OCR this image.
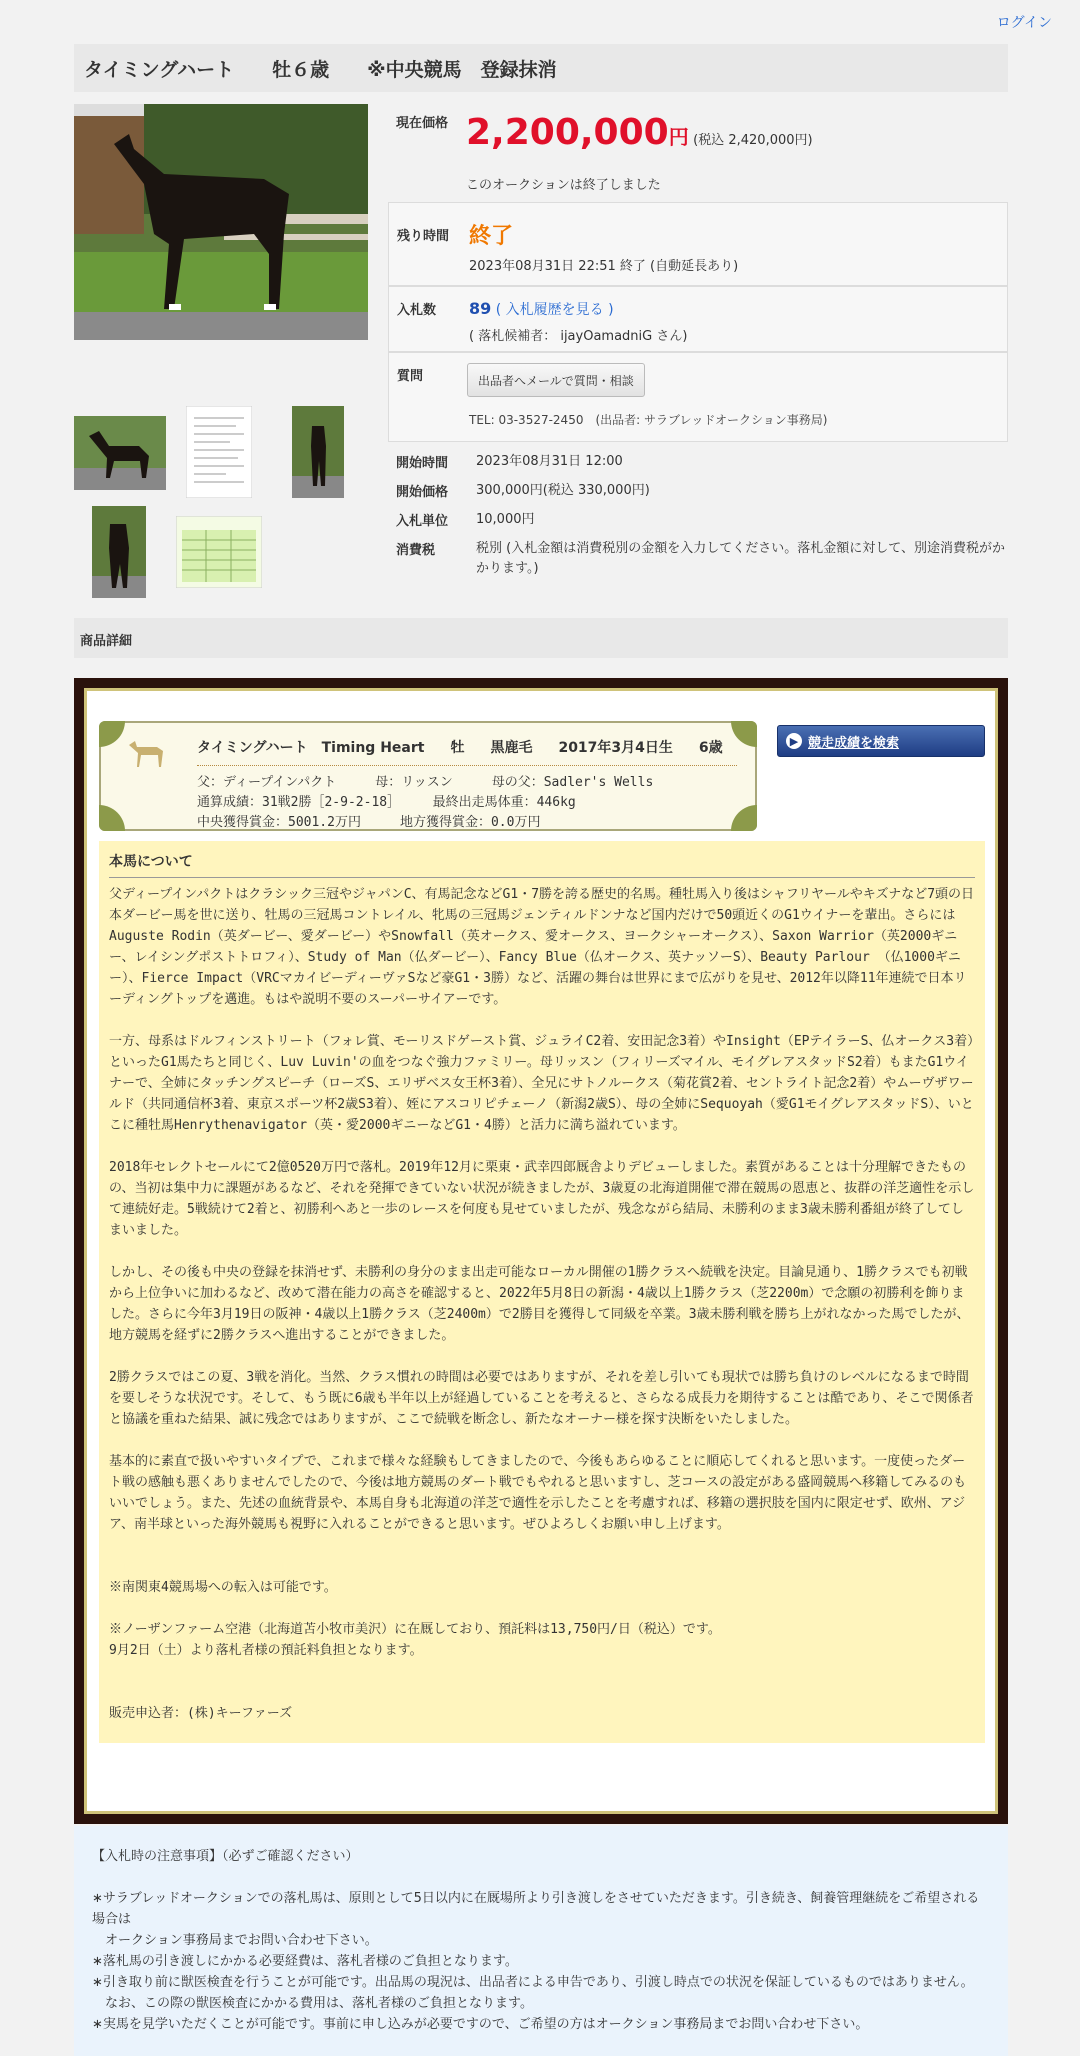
ログイン
タイミングハート 牡６歳 ※中央競馬　 登録抹消
現在価格 2,200,000円 (税込 2,420,000円)
このオークションは終了しました
残り時間 終了
2023年08月31日 22:51 終了 (自動延長あり)
入札数 89 ( 入札履歴を見る )
( 落札候補者： ijayOamadniG さん)
質問	出品者へメールで質問・相談
TEL: 03-3527-2450　(出品者: サラブレッドオークション事務局)
開始時間	2023年08月31日 12:00
開始価格	300,000円(税込 330,000円)
入札単位	10,000円
消費税	税別 (入札金額は消費税別の金額を入力してください。落札金額に対して、別途消費税がかかります。)
商品詳細
タイミングハート　Timing Heart 牡 黒鹿毛 2017年3月4日生 6歳
父：ディープインパクト　　　母：リッスン　　　母の父：Sadler's Wells
通算成績：31戦2勝［2-9-2-18］　　　最終出走馬体重：446kg
中央獲得賞金：5001.2万円　　　地方獲得賞金：0.0万円
▶ 競走成績を検索
本馬について

父ディープインパクトはクラシック三冠やジャパンC、有馬記念などG1・7勝を誇る歴史的名馬。種牡馬入り後はシャフリヤールやキズナなど7頭の日本ダービー馬を世に送り、牡馬の三冠馬コントレイル、牝馬の三冠馬ジェンティルドンナなど国内だけで50頭近くのG1ウイナーを輩出。さらにはAuguste Rodin（英ダービー、愛ダービー）やSnowfall（英オークス、愛オークス、ヨークシャーオークス）、Saxon Warrior（英2000ギニー、レイシングポストトロフィ）、Study of Man（仏ダービー）、Fancy Blue（仏オークス、英ナッソーS）、Beauty Parlour （仏1000ギニー）、Fierce Impact（VRCマカイビーディーヴァSなど豪G1・3勝）など、活躍の舞台は世界にまで広がりを見せ、2012年以降11年連続で日本リーディングトップを邁進。もはや説明不要のスーパーサイアーです。

一方、母系はドルフィンストリート（フォレ賞、モーリスドゲースト賞、ジュライC2着、安田記念3着）やInsight（EPテイラーS、仏オークス3着）といったG1馬たちと同じく、Luv Luvin'の血をつなぐ強力ファミリー。母リッスン（フィリーズマイル、モイグレアスタッドS2着）もまたG1ウイナーで、全姉にタッチングスピーチ（ローズS、エリザベス女王杯3着）、全兄にサトノルークス（菊花賞2着、セントライト記念2着）やムーヴザワールド（共同通信杯3着、東京スポーツ杯2歳S3着）、姪にアスコリピチェーノ（新潟2歳S）、母の全姉にSequoyah（愛G1モイグレアスタッドS）、いとこに種牡馬Henrythenavigator（英・愛2000ギニーなどG1・4勝）と活力に満ち溢れています。

2018年セレクトセールにて2億0520万円で落札。2019年12月に栗東・武幸四郎厩舎よりデビューしました。素質があることは十分理解できたものの、当初は集中力に課題があるなど、それを発揮できていない状況が続きましたが、3歳夏の北海道開催で滞在競馬の恩恵と、抜群の洋芝適性を示して連続好走。5戦続けて2着と、初勝利へあと一歩のレースを何度も見せていましたが、残念ながら結局、未勝利のまま3歳未勝利番組が終了してしまいました。

しかし、その後も中央の登録を抹消せず、未勝利の身分のまま出走可能なローカル開催の1勝クラスへ続戦を決定。目論見通り、1勝クラスでも初戦から上位争いに加わるなど、改めて潜在能力の高さを確認すると、2022年5月8日の新潟・4歳以上1勝クラス（芝2200m）で念願の初勝利を飾りました。さらに今年3月19日の阪神・4歳以上1勝クラス（芝2400m）で2勝目を獲得して同級を卒業。3歳未勝利戦を勝ち上がれなかった馬でしたが、地方競馬を経ずに2勝クラスへ進出することができました。

2勝クラスではこの夏、3戦を消化。当然、クラス慣れの時間は必要ではありますが、それを差し引いても現状では勝ち負けのレベルになるまで時間を要しそうな状況です。そして、もう既に6歳も半年以上が経過していることを考えると、さらなる成長力を期待することは酷であり、そこで関係者と協議を重ねた結果、誠に残念ではありますが、ここで続戦を断念し、新たなオーナー様を探す決断をいたしました。

基本的に素直で扱いやすいタイプで、これまで様々な経験もしてきましたので、今後もあらゆることに順応してくれると思います。一度使ったダート戦の感触も悪くありませんでしたので、今後は地方競馬のダート戦でもやれると思いますし、芝コースの設定がある盛岡競馬へ移籍してみるのもいいでしょう。また、先述の血統背景や、本馬自身も北海道の洋芝で適性を示したことを考慮すれば、移籍の選択肢を国内に限定せず、欧州、アジア、南半球といった海外競馬も視野に入れることができると思います。ぜひよろしくお願い申し上げます。

※南関東4競馬場への転入は可能です。

※ノーザンファーム空港（北海道苫小牧市美沢）に在厩しており、預託料は13,750円/日（税込）です。

9月2日（土）より落札者様の預託料負担となります。

販売申込者：(株)キーファーズ

【入札時の注意事項】（必ずご確認ください）

∗サラブレッドオークションでの落札馬は、原則として5日以内に在厩場所より引き渡しをさせていただきます。引き続き、飼養管理継続をご希望される場合は

　オークション事務局までお問い合わせ下さい。

∗落札馬の引き渡しにかかる必要経費は、落札者様のご負担となります。

∗引き取り前に獣医検査を行うことが可能です。出品馬の現況は、出品者による申告であり、引渡し時点での状況を保証しているものではありません。

　なお、この際の獣医検査にかかる費用は、落札者様のご負担となります。

∗実馬を見学いただくことが可能です。事前に申し込みが必要ですので、ご希望の方はオークション事務局までお問い合わせ下さい。
